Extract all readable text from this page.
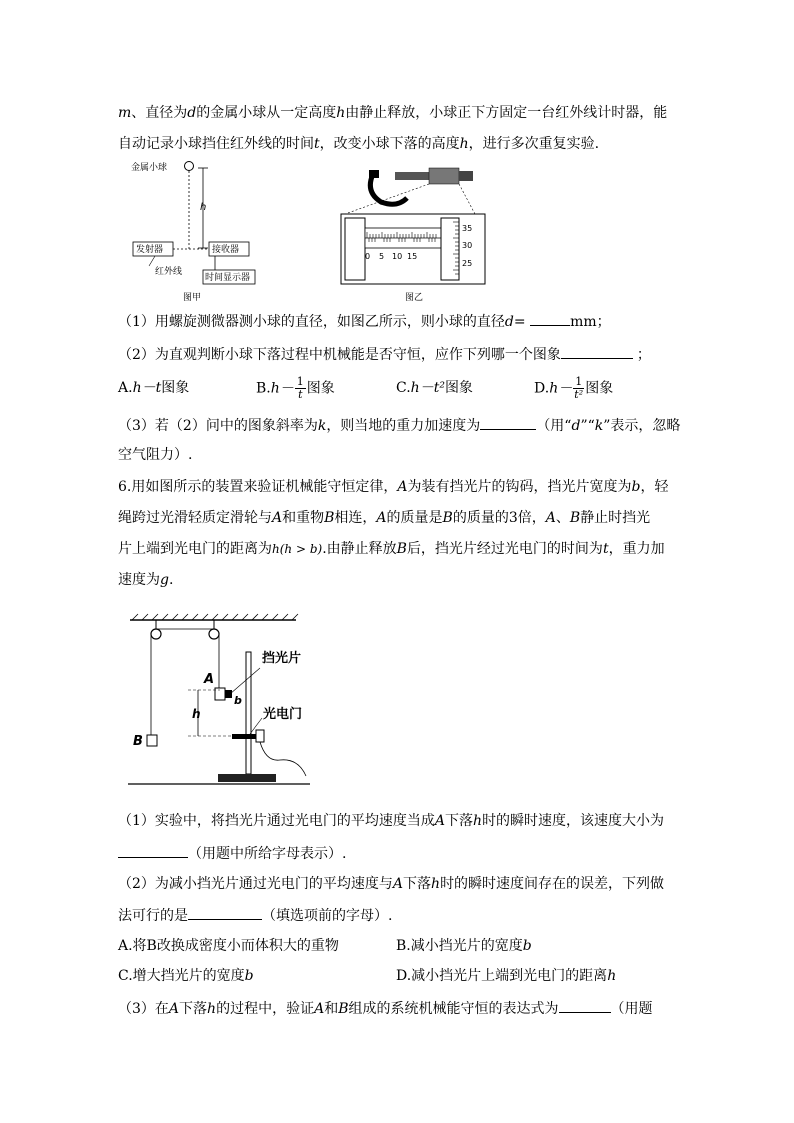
m、直径为d的金属小球从一定高度h由静止释放，小球正下方固定一台红外线计时器，能
自动记录小球挡住红外线的时间t，改变小球下落的高度h，进行多次重复实验.
金属小球
h
发射器	接收器
红外线
时间显示器
图甲
0 5 10 15
35
30
25
图乙
（1）用螺旋测微器测小球的直径，如图乙所示，则小球的直径d=	mm；
（2）为直观判断小球下落过程中机械能是否守恒，应作下列哪一个图象	；
A.h－t图象	$B.h- \frac{1}{t}$ 图象	C.h－t²图象	$D.h- \frac{1}{\text{t²}}$ 图象
（3）若（2）问中的图象斜率为k，则当地的重力加速度为	（用“d”“k”表示，忽略
空气阻力）.
6.用如图所示的装置来验证机械能守恒定律，A为装有挡光片的钩码，挡光片宽度为b，轻
绳跨过光滑轻质定滑轮与A和重物B相连，A的质量是B的质量的3倍，A、B静止时挡光
片上端到光电门的距离为h(h > b).由静止释放B后，挡光片经过光电门的时间为t，重力加
速度为g.
B
A
b
h
挡光片
光电门
（1）实验中，将挡光片通过光电门的平均速度当成A下落h时的瞬时速度，该速度大小为
（用题中所给字母表示）.
（2）为减小挡光片通过光电门的平均速度与A下落h时的瞬时速度间存在的误差，下列做
法可行的是	（填选项前的字母）.
A.将B改换成密度小而体积大的重物	B.减小挡光片的宽度b
C.增大挡光片的宽度b	D.减小挡光片上端到光电门的距离h
（3）在A下落h的过程中，验证A和B组成的系统机械能守恒的表达式为	（用题
